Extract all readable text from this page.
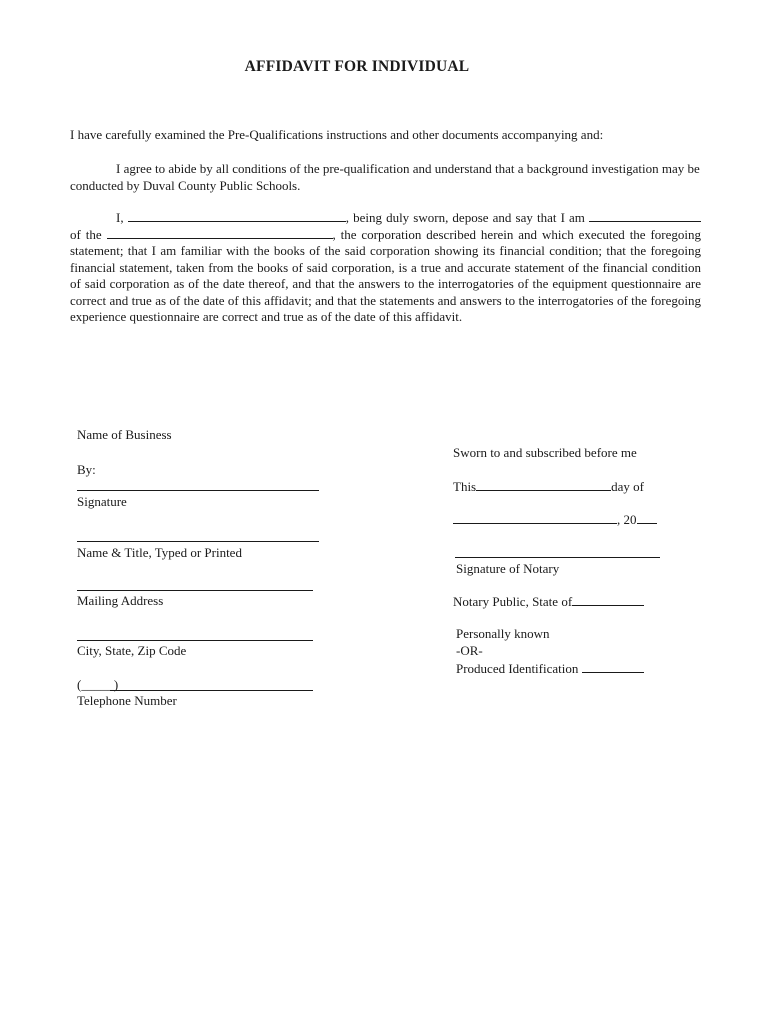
AFFIDAVIT FOR INDIVIDUAL

I have carefully examined the Pre-Qualifications instructions and other documents accompanying and:

I agree to abide by all conditions of the pre-qualification and understand that a background investigation may be conducted by Duval County Public Schools.

I,	, being duly sworn, depose and say that I am of the	, the corporation described herein and which executed the foregoing statement; that I am familiar with the books of the said corporation showing its financial condition; that the foregoing financial statement, taken from the books of said corporation, is a true and accurate statement of the financial condition of said corporation as of the date thereof, and that the answers to the interrogatories of the equipment questionnaire are correct and true as of the date of this affidavit; and that the statements and answers to the interrogatories of the foregoing experience questionnaire are correct and true as of the date of this affidavit.

Name of Business
By:
Signature
Name & Title, Typed or Printed
Mailing Address
City, State, Zip Code
(_____)
Telephone Number
Sworn to and subscribed before me
This	day of
, 20
Signature of Notary
Notary Public, State of
Personally known
-OR-
Produced Identification
